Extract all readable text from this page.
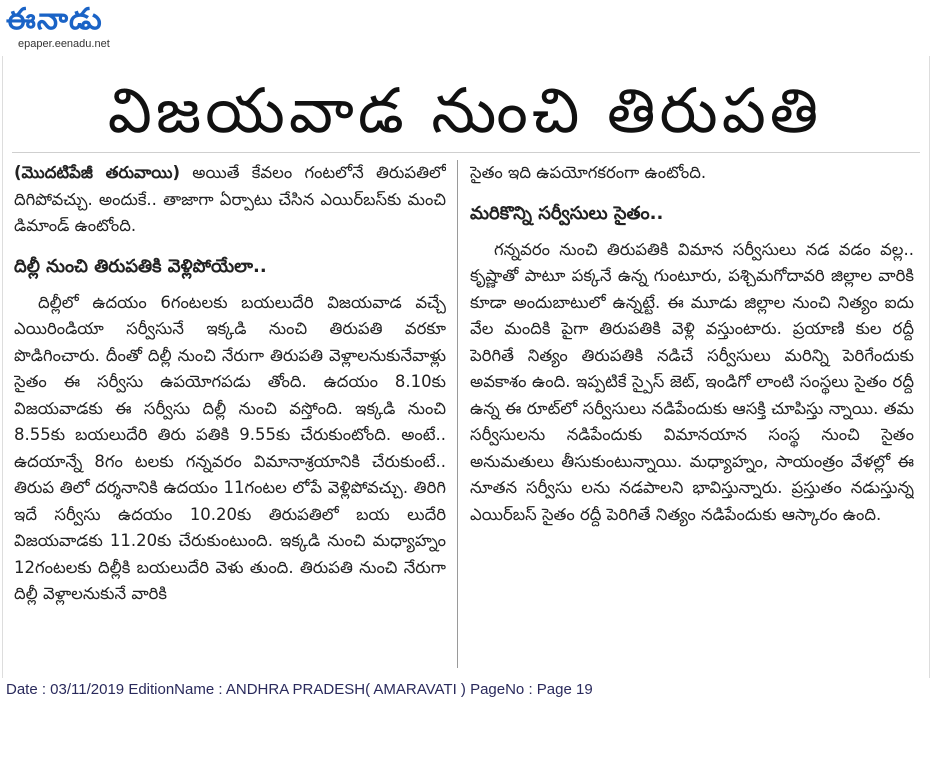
ఈనాడు
epaper.eenadu.net
విజయవాడ నుంచి తిరుపతి

(మొదటిపేజీ తరువాయి) అయితే కేవలం గంటలోనే తిరుపతిలో దిగిపోవచ్చు. అందుకే.. తాజాగా ఏర్పాటు చేసిన ఎయిర్‌బస్‌కు మంచి డిమాండ్ ఉంటోంది.

దిల్లీ నుంచి తిరుపతికి వెళ్లిపోయేలా..

దిల్లీలో ఉదయం 6గంటలకు బయలుదేరి విజయవాడ వచ్చే ఎయిరిండియా సర్వీసునే ఇక్కడి నుంచి తిరుపతి వరకూ పొడిగించారు. దీంతో దిల్లీ నుంచి నేరుగా తిరుపతి వెళ్లాలనుకునేవాళ్లు సైతం ఈ సర్వీసు ఉపయోగపడు తోంది. ఉదయం 8.10కు విజయవాడకు ఈ సర్వీసు దిల్లీ నుంచి వస్తోంది. ఇక్కడి నుంచి 8.55కు బయలుదేరి తిరు పతికి 9.55కు చేరుకుంటోంది. అంటే.. ఉదయాన్నే 8గం టలకు గన్నవరం విమానాశ్రయానికి చేరుకుంటే.. తిరుప తిలో దర్శనానికి ఉదయం 11గంటల లోపే వెళ్లిపోవచ్చు. తిరిగి ఇదే సర్వీసు ఉదయం 10.20కు తిరుపతిలో బయ లుదేరి విజయవాడకు 11.20కు చేరుకుంటుంది. ఇక్కడి నుంచి మధ్యాహ్నం 12గంటలకు దిల్లీకి బయలుదేరి వెళు తుంది. తిరుపతి నుంచి నేరుగా దిల్లీ వెళ్లాలనుకునే వారికి

సైతం ఇది ఉపయోగకరంగా ఉంటోంది.

మరికొన్ని సర్వీసులు సైతం..

గన్నవరం నుంచి తిరుపతికి విమాన సర్వీసులు నడ వడం వల్ల.. కృష్ణాతో పాటూ పక్కనే ఉన్న గుంటూరు, పశ్చిమగోదావరి జిల్లాల వారికి కూడా అందుబాటులో ఉన్నట్టే. ఈ మూడు జిల్లాల నుంచి నిత్యం ఐదు వేల మందికి పైగా తిరుపతికి వెళ్లి వస్తుంటారు. ప్రయాణి కుల రద్దీ పెరిగితే నిత్యం తిరుపతికి నడిచే సర్వీసులు మరిన్ని పెరిగేందుకు అవకాశం ఉంది. ఇప్పటికే స్పైస్ జెట్, ఇండిగో లాంటి సంస్థలు సైతం రద్దీ ఉన్న ఈ రూట్‌లో సర్వీసులు నడిపేందుకు ఆసక్తి చూపిస్తు న్నాయి. తమ సర్వీసులను నడిపేందుకు విమానయాన సంస్థ నుంచి సైతం అనుమతులు తీసుకుంటున్నాయి. మధ్యాహ్నం, సాయంత్రం వేళల్లో ఈ నూతన సర్వీసు లను నడపాలని భావిస్తున్నారు. ప్రస్తుతం నడుస్తున్న ఎయిర్‌బస్ సైతం రద్దీ పెరిగితే నిత్యం నడిపేందుకు ఆస్కారం ఉంది.

Date : 03/11/2019 EditionName : ANDHRA PRADESH( AMARAVATI ) PageNo : Page 19
